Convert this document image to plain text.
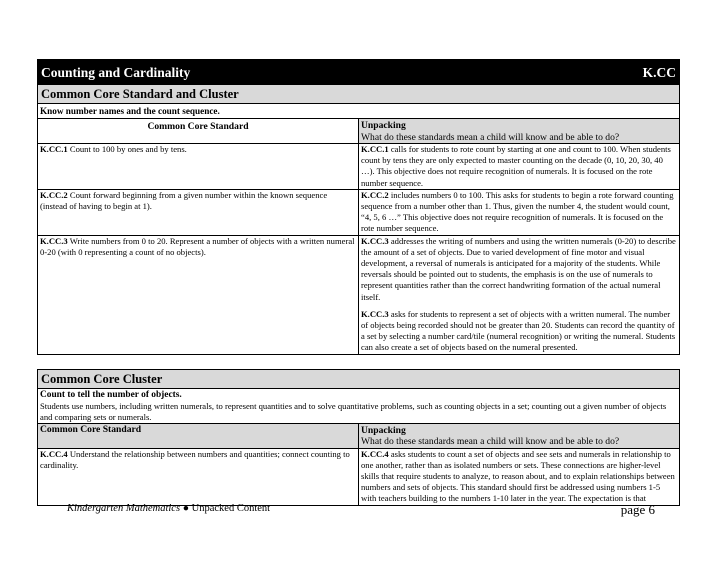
Counting and Cardinality K.CC	

Common Core Standard and Cluster	
Know number names and the count sequence.	
Common Core Standard	Unpacking
What do these standards mean a child will know and be able to do?
K.CC.1 Count to 100 by ones and by tens.	K.CC.1 calls for students to rote count by starting at one and count to 100. When students count by tens they are only expected to master counting on the decade (0, 10, 20, 30, 40 …). This objective does not require recognition of numerals. It is focused on the rote number sequence.
K.CC.2 Count forward beginning from a given number within the known sequence (instead of having to begin at 1).	K.CC.2 includes numbers 0 to 100. This asks for students to begin a rote forward counting sequence from a number other than 1. Thus, given the number 4, the student would count, “4, 5, 6 …” This objective does not require recognition of numerals. It is focused on the rote number sequence.
K.CC.3 Write numbers from 0 to 20. Represent a number of objects with a written numeral 0-20 (with 0 representing a count of no objects).	K.CC.3 addresses the writing of numbers and using the written numerals (0-20) to describe the amount of a set of objects. Due to varied development of fine motor and visual development, a reversal of numerals is anticipated for a majority of the students. While reversals should be pointed out to students, the emphasis is on the use of numerals to represent quantities rather than the correct handwriting formation of the actual numeral itself.

K.CC.3 asks for students to represent a set of objects with a written numeral. The number of objects being recorded should not be greater than 20. Students can record the quantity of a set by selecting a number card/tile (numeral recognition) or writing the numeral. Students can also create a set of objects based on the numeral presented.

Common Core Cluster	
Count to tell the number of objects.
Students use numbers, including written numerals, to represent quantities and to solve quantitative problems, such as counting objects in a set; counting out a given number of objects and comparing sets or numerals.	
Common Core Standard	Unpacking
What do these standards mean a child will know and be able to do?
K.CC.4 Understand the relationship between numbers and quantities; connect counting to cardinality.	K.CC.4 asks students to count a set of objects and see sets and numerals in relationship to one another, rather than as isolated numbers or sets. These connections are higher-level skills that require students to analyze, to reason about, and to explain relationships between numbers and sets of objects. This standard should first be addressed using numbers 1-5 with teachers building to the numbers 1-10 later in the year. The expectation is that
Kindergarten Mathematics ● Unpacked Content	page 6
